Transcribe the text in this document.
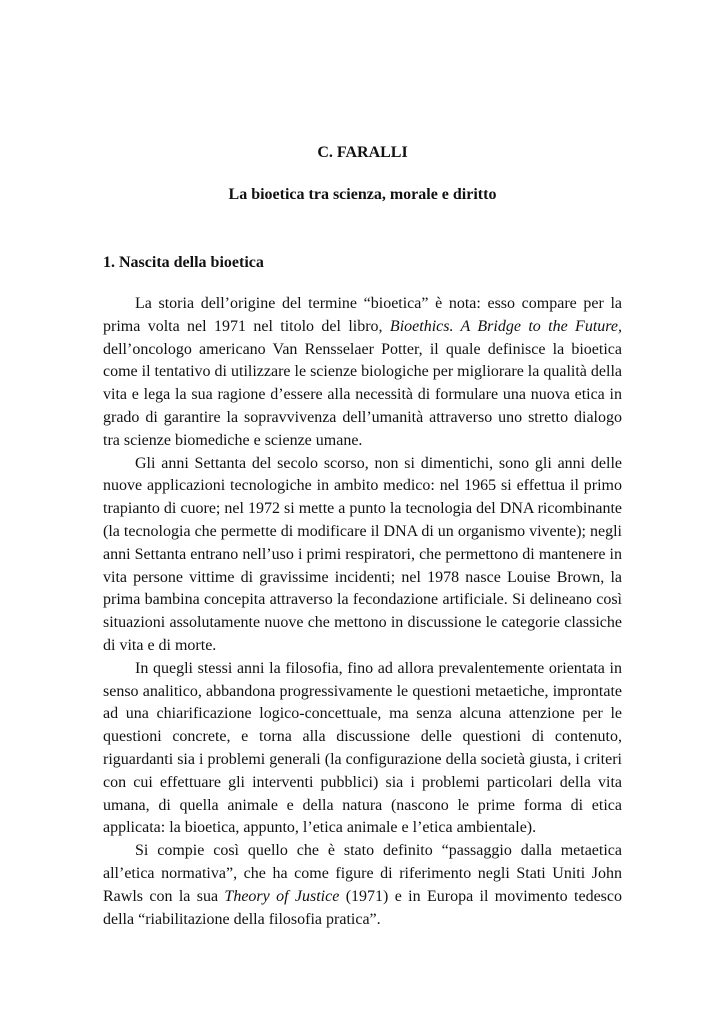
C. FARALLI
La bioetica tra scienza, morale e diritto
1. Nascita della bioetica

La storia dell’origine del termine “bioetica” è nota: esso compare per la prima volta nel 1971 nel titolo del libro, Bioethics. A Bridge to the Future, dell’oncologo americano Van Rensselaer Potter, il quale definisce la bioetica come il tentativo di utilizzare le scienze biologiche per migliorare la qualità della vita e lega la sua ragione d’essere alla necessità di formulare una nuova etica in grado di garantire la sopravvivenza dell’umanità attraverso uno stretto dialogo tra scienze biomediche e scienze umane.

Gli anni Settanta del secolo scorso, non si dimentichi, sono gli anni delle nuove applicazioni tecnologiche in ambito medico: nel 1965 si effettua il primo trapianto di cuore; nel 1972 si mette a punto la tecnologia del DNA ricombinante (la tecnologia che permette di modificare il DNA di un organismo vivente); negli anni Settanta entrano nell’uso i primi respiratori, che permettono di mantenere in vita persone vittime di gravissime incidenti; nel 1978 nasce Louise Brown, la prima bambina concepita attraverso la fecondazione artificiale. Si delineano così situazioni assolutamente nuove che mettono in discussione le categorie classiche di vita e di morte.

In quegli stessi anni la filosofia, fino ad allora prevalentemente orientata in senso analitico, abbandona progressivamente le questioni metaetiche, improntate ad una chiarificazione logico-concettuale, ma senza alcuna attenzione per le questioni concrete, e torna alla discussione delle questioni di contenuto, riguardanti sia i problemi generali (la configurazione della società giusta, i criteri con cui effettuare gli interventi pubblici) sia i problemi particolari della vita umana, di quella animale e della natura (nascono le prime forma di etica applicata: la bioetica, appunto, l’etica animale e l’etica ambientale).

Si compie così quello che è stato definito “passaggio dalla metaetica all’etica normativa”, che ha come figure di riferimento negli Stati Uniti John Rawls con la sua Theory of Justice (1971) e in Europa il movimento tedesco della “riabilitazione della filosofia pratica”.
